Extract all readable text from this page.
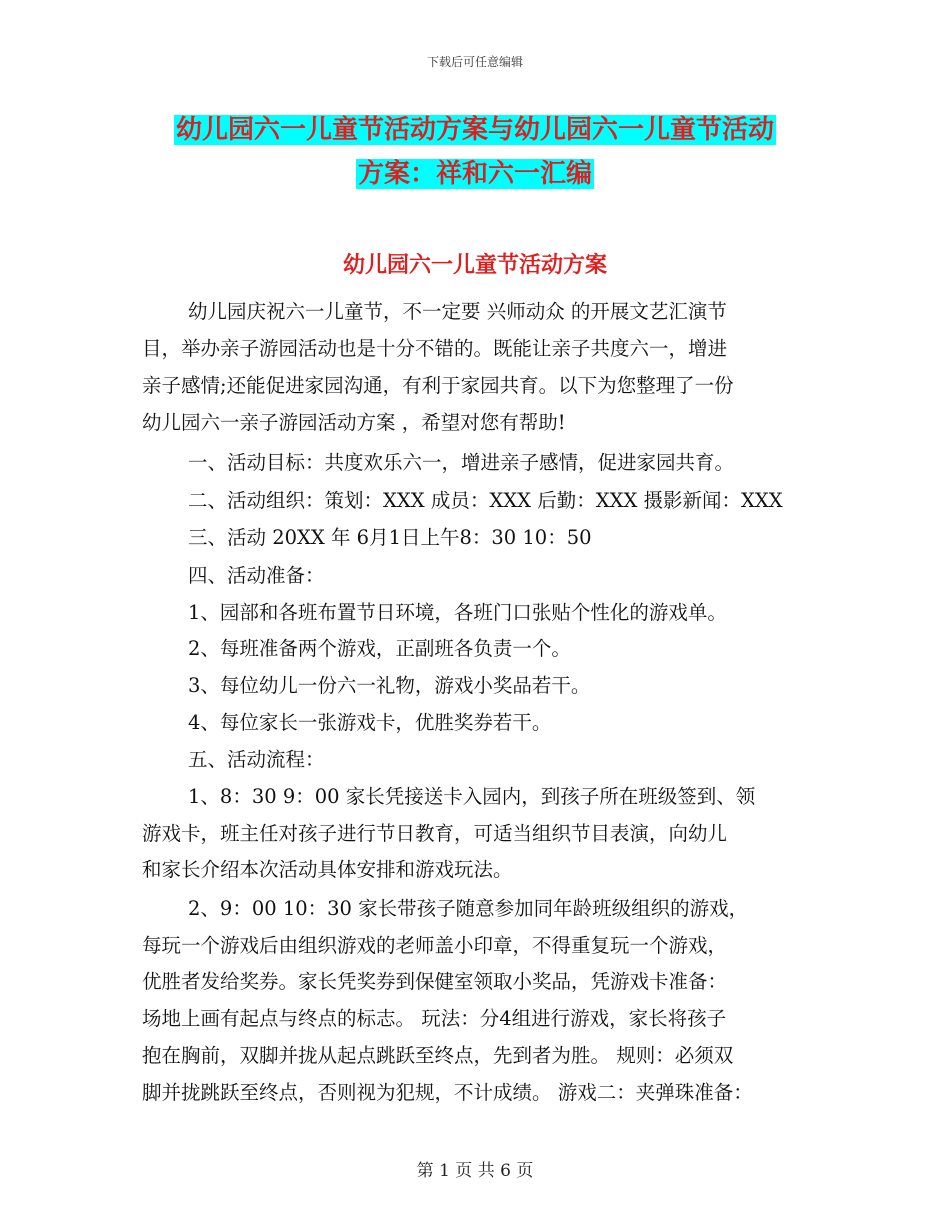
下载后可任意编辑
幼儿园六一儿童节活动方案与幼儿园六一儿童节活动
方案：祥和六一汇编
幼儿园六一儿童节活动方案
幼儿园庆祝六一儿童节，不一定要 兴师动众 的开展文艺汇演节
目，举办亲子游园活动也是十分不错的。既能让亲子共度六一，增进
亲子感情;还能促进家园沟通，有利于家园共育。以下为您整理了一份
幼儿园六一亲子游园活动方案 ，希望对您有帮助!
一、活动目标：共度欢乐六一，增进亲子感情，促进家园共育。
二、活动组织：策划：XXX 成员：XXX 后勤：XXX 摄影新闻：XXX
三、活动 20XX 年 6月1日上午8：30 10：50
四、活动准备：
1、园部和各班布置节日环境，各班门口张贴个性化的游戏单。
2、每班准备两个游戏，正副班各负责一个。
3、每位幼儿一份六一礼物，游戏小奖品若干。
4、每位家长一张游戏卡，优胜奖券若干。
五、活动流程：
1、8：30 9：00 家长凭接送卡入园内，到孩子所在班级签到、领
游戏卡，班主任对孩子进行节日教育，可适当组织节目表演，向幼儿
和家长介绍本次活动具体安排和游戏玩法。
2、9：00 10：30 家长带孩子随意参加同年龄班级组织的游戏，
每玩一个游戏后由组织游戏的老师盖小印章，不得重复玩一个游戏，
优胜者发给奖券。家长凭奖券到保健室领取小奖品，凭游戏卡准备：
场地上画有起点与终点的标志。 玩法：分4组进行游戏，家长将孩子
抱在胸前，双脚并拢从起点跳跃至终点，先到者为胜。 规则：必须双
脚并拢跳跃至终点，否则视为犯规，不计成绩。 游戏二：夹弹珠准备：
第 1 页 共 6 页
